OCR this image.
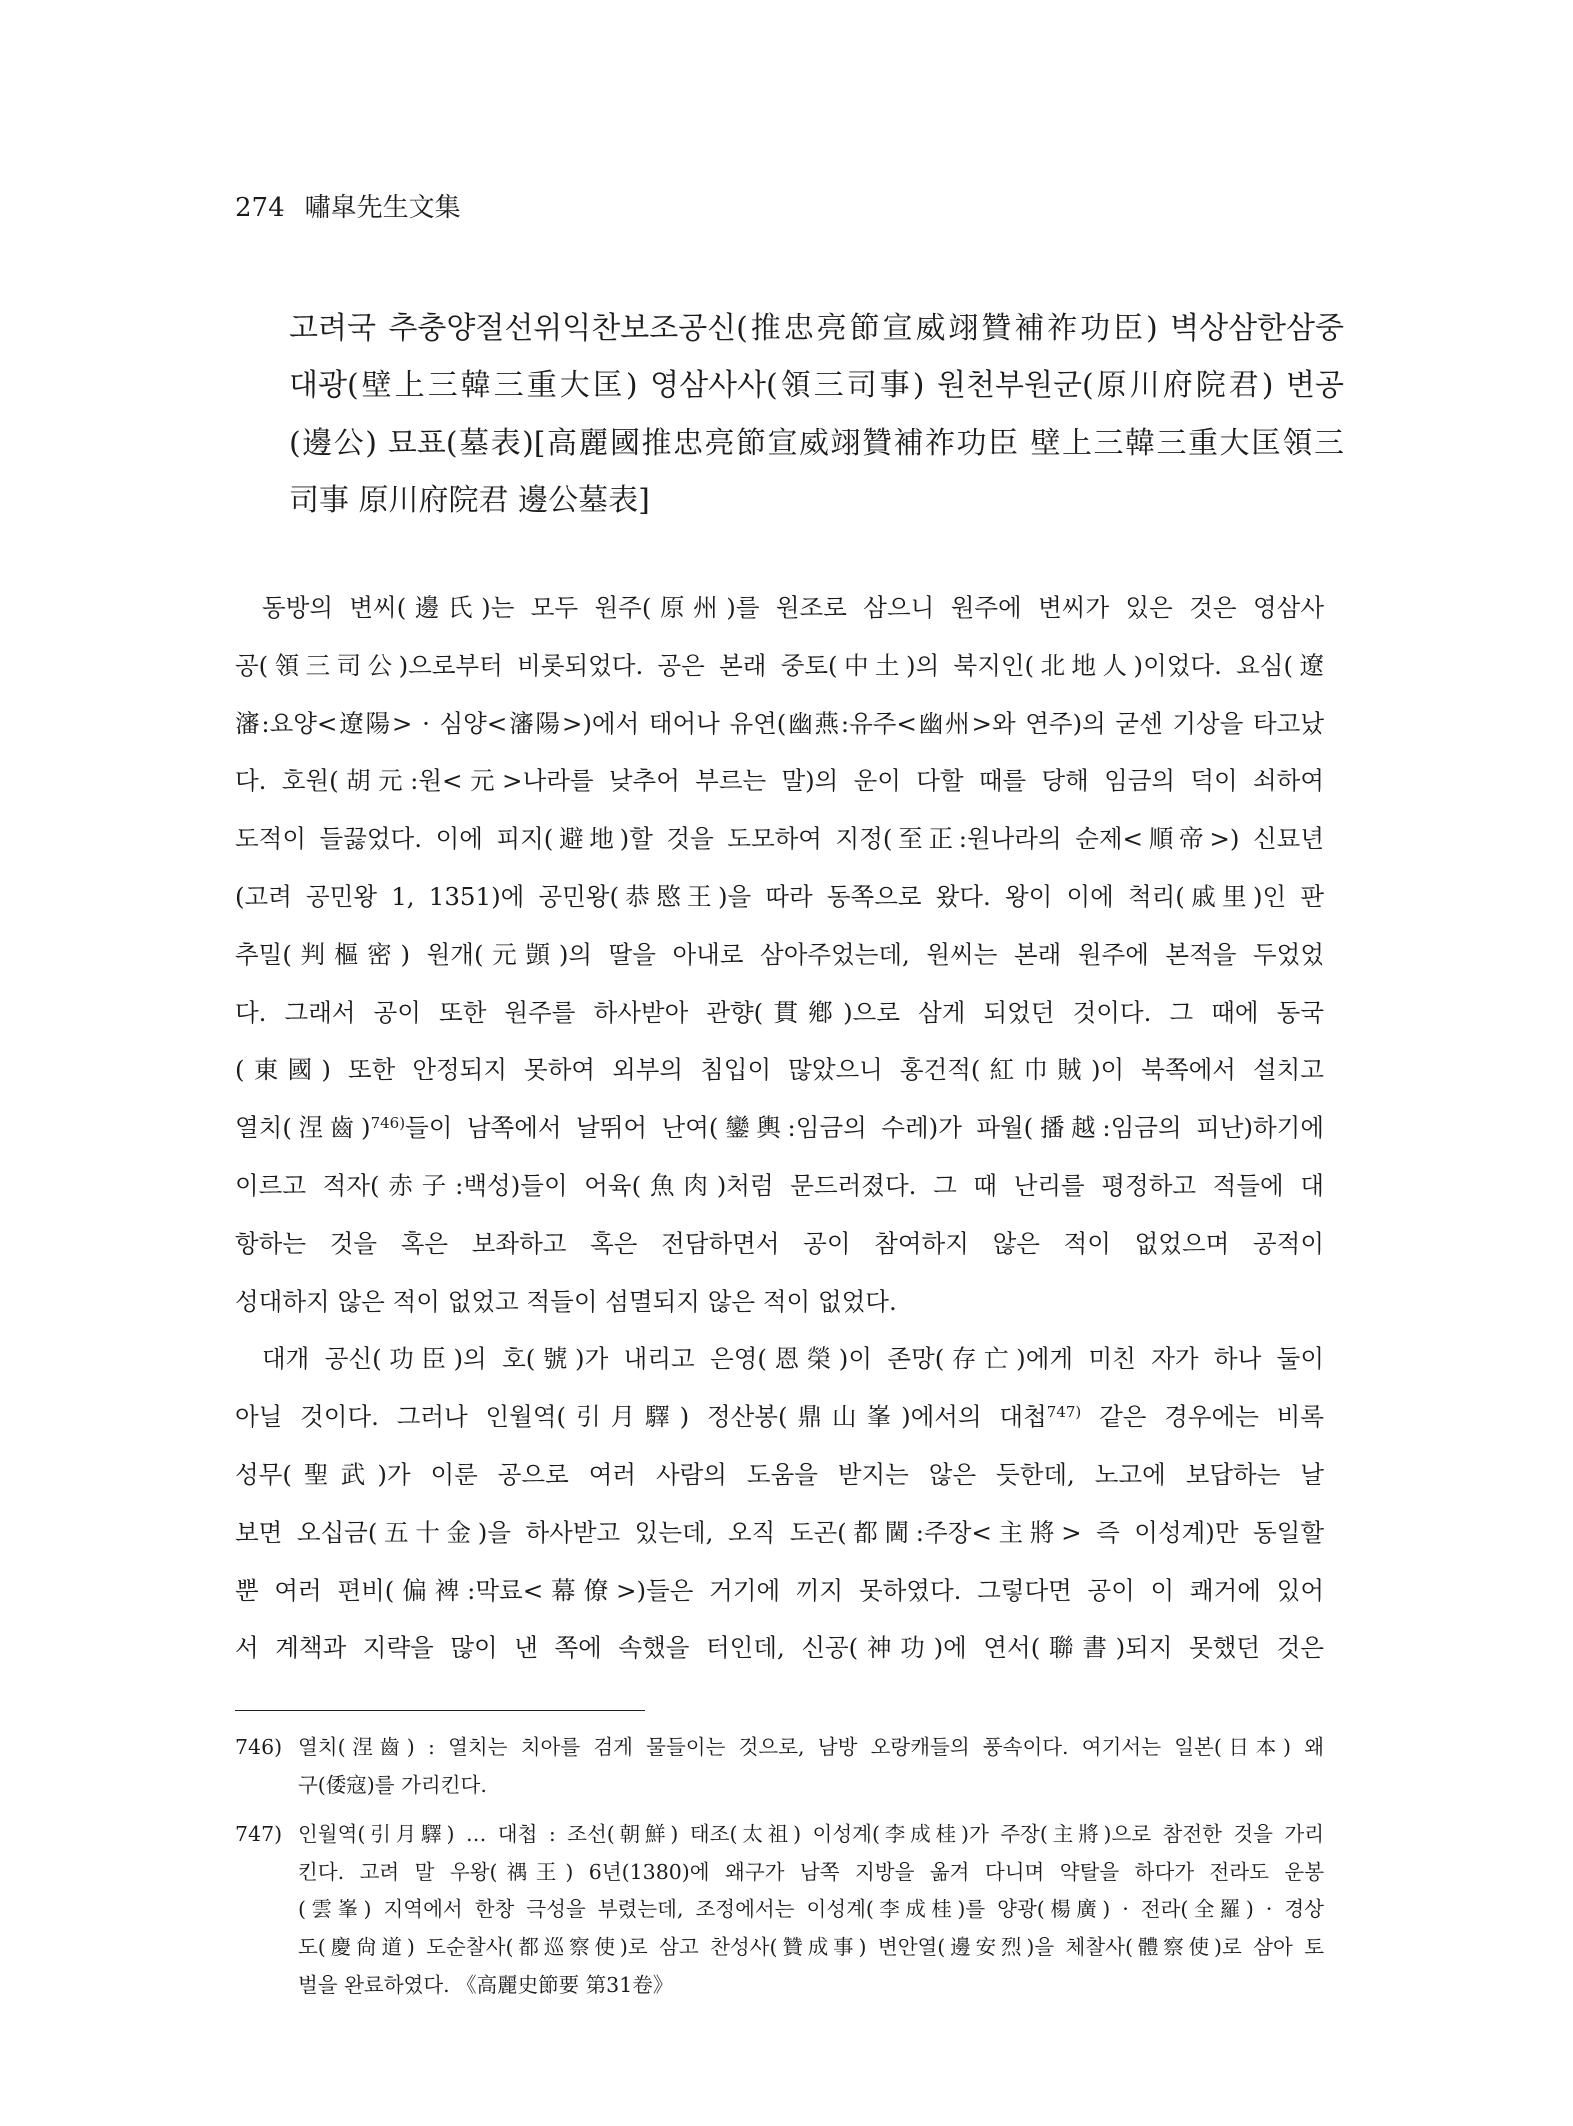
274 嘯皐先生文集
고려국 추충양절선위익찬보조공신(推忠亮節宣威翊贊補祚功臣) 벽상삼한삼중
대광(壁上三韓三重大匡) 영삼사사(領三司事) 원천부원군(原川府院君) 변공
(邊公) 묘표(墓表)[高麗國推忠亮節宣威翊贊補祚功臣 壁上三韓三重大匡領三
司事 原川府院君 邊公墓表]
동방의 변씨(邊氏)는 모두 원주(原州)를 원조로 삼으니 원주에 변씨가 있은 것은 영삼사
공(領三司公)으로부터 비롯되었다. 공은 본래 중토(中土)의 북지인(北地人)이었다. 요심(遼
瀋:요양<遼陽> · 심양<瀋陽>)에서 태어나 유연(幽燕:유주<幽州>와 연주)의 굳센 기상을 타고났
다. 호원(胡元:원<元>나라를 낮추어 부르는 말)의 운이 다할 때를 당해 임금의 덕이 쇠하여
도적이 들끓었다. 이에 피지(避地)할 것을 도모하여 지정(至正:원나라의 순제<順帝>) 신묘년
(고려 공민왕 1, 1351)에 공민왕(恭愍王)을 따라 동쪽으로 왔다. 왕이 이에 척리(戚里)인 판
추밀(判樞密) 원개(元顗)의 딸을 아내로 삼아주었는데, 원씨는 본래 원주에 본적을 두었었
다. 그래서 공이 또한 원주를 하사받아 관향(貫鄕)으로 삼게 되었던 것이다. 그 때에 동국
(東國) 또한 안정되지 못하여 외부의 침입이 많았으니 홍건적(紅巾賊)이 북쪽에서 설치고
열치(涅齒)$^{746)}$들이 남쪽에서 날뛰어 난여(鑾輿:임금의 수레)가 파월(播越:임금의 피난)하기에
이르고 적자(赤子:백성)들이 어육(魚肉)처럼 문드러졌다. 그 때 난리를 평정하고 적들에 대
항하는 것을 혹은 보좌하고 혹은 전담하면서 공이 참여하지 않은 적이 없었으며 공적이
성대하지 않은 적이 없었고 적들이 섬멸되지 않은 적이 없었다.
대개 공신(功臣)의 호(號)가 내리고 은영(恩榮)이 존망(存亡)에게 미친 자가 하나 둘이
아닐 것이다. 그러나 인월역(引月驛) 정산봉(鼎山峯)에서의 대첩$^{747)}$ 같은 경우에는 비록
성무(聖武)가 이룬 공으로 여러 사람의 도움을 받지는 않은 듯한데, 노고에 보답하는 날
보면 오십금(五十金)을 하사받고 있는데, 오직 도곤(都閫:주장<主將> 즉 이성계)만 동일할
뿐 여러 편비(偏裨:막료<幕僚>)들은 거기에 끼지 못하였다. 그렇다면 공이 이 쾌거에 있어
서 계책과 지략을 많이 낸 쪽에 속했을 터인데, 신공(神功)에 연서(聯書)되지 못했던 것은
746) 열치(涅齒) : 열치는 치아를 검게 물들이는 것으로, 남방 오랑캐들의 풍속이다. 여기서는 일본(日本) 왜
구(倭寇)를 가리킨다.
747) 인월역(引月驛) … 대첩 : 조선(朝鮮) 태조(太祖) 이성계(李成桂)가 주장(主將)으로 참전한 것을 가리
킨다. 고려 말 우왕(禑王) 6년(1380)에 왜구가 남쪽 지방을 옮겨 다니며 약탈을 하다가 전라도 운봉
(雲峯) 지역에서 한창 극성을 부렸는데, 조정에서는 이성계(李成桂)를 양광(楊廣) · 전라(全羅) · 경상
도(慶尙道) 도순찰사(都巡察使)로 삼고 찬성사(贊成事) 변안열(邊安烈)을 체찰사(體察使)로 삼아 토
벌을 완료하였다. 《高麗史節要 第31卷》
